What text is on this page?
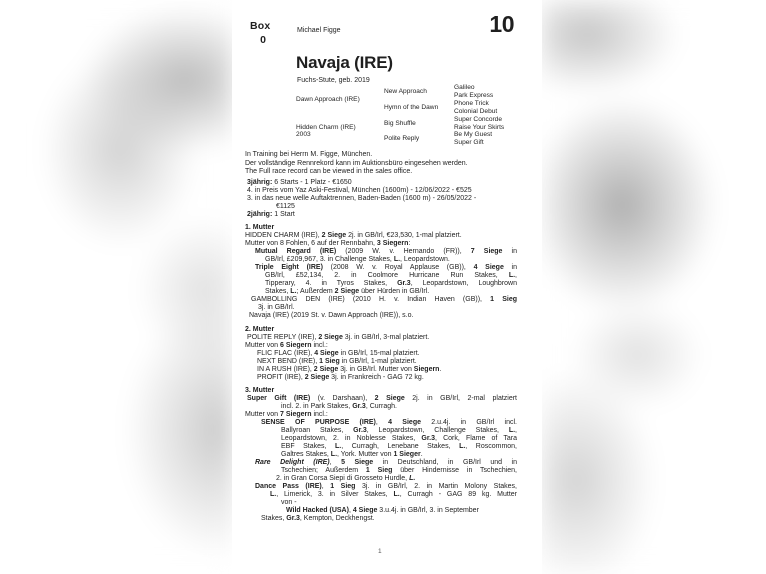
Box
0
Michael Figge	10
Navaja (IRE)
Fuchs-Stute, geb. 2019
Dawn Approach (IRE)
Hidden Charm (IRE)
2003
New Approach
Hymn of the Dawn
Big Shuffle
Polite Reply
Galileo
Park Express
Phone Trick
Colonial Debut
Super Concorde
Raise Your Skirts
Be My Guest
Super Gift
In Training bei Herrn M. Figge, München.
Der vollständige Rennrekord kann im Auktionsbüro eingesehen werden.
The Full race record can be viewed in the sales office.
3jährig: 6 Starts - 1 Platz - €1650
4. in Preis vom Yaz Aski-Festival, München (1600m) - 12/06/2022 - €525
3. in das neue welle Auftaktrennen, Baden-Baden (1600 m) - 26/05/2022 -
€1125
2jährig: 1 Start
1. Mutter
HIDDEN CHARM (IRE), 2 Siege 2j. in GB/Irl, €23,530, 1-mal platziert.
Mutter von 8 Fohlen, 6 auf der Rennbahn, 3 Siegern:
Mutual Regard (IRE) (2009 W. v. Hernando (FR)), 7 Siege in
GB/Irl, £209,967, 3. in Challenge Stakes, L., Leopardstown.
Triple Eight (IRE) (2008 W. v. Royal Applause (GB)), 4 Siege in
GB/Irl, £52,134, 2. in Coolmore Hurricane Run Stakes, L.,
Tipperary, 4. in Tyros Stakes, Gr.3, Leopardstown, Loughbrown
Stakes, L.; Außerdem 2 Siege über Hürden in GB/Irl.
GAMBOLLING DEN (IRE) (2010 H. v. Indian Haven (GB)), 1 Sieg
3j. in GB/Irl.
Navaja (IRE) (2019 St. v. Dawn Approach (IRE)), s.o.
2. Mutter
POLITE REPLY (IRE), 2 Siege 3j. in GB/Irl, 3-mal platziert.
Mutter von 6 Siegern incl.:
FLIC FLAC (IRE), 4 Siege in GB/Irl, 15-mal platziert.
NEXT BEND (IRE), 1 Sieg in GB/Irl, 1-mal platziert.
IN A RUSH (IRE), 2 Siege 3j. in GB/Irl. Mutter von Siegern.
PROFIT (IRE), 2 Siege 3j. in Frankreich - GAG 72 kg.
3. Mutter
Super Gift (IRE) (v. Darshaan), 2 Siege 2j. in GB/Irl, 2-mal platziert
incl. 2. in Park Stakes, Gr.3, Curragh.
Mutter von 7 Siegern incl.:
SENSE OF PURPOSE (IRE), 4 Siege 2.u.4j. in GB/Irl incl.
Ballyroan Stakes, Gr.3, Leopardstown, Challenge Stakes, L.,
Leopardstown, 2. in Noblesse Stakes, Gr.3, Cork, Flame of Tara
EBF Stakes, L., Curragh, Lenebane Stakes, L., Roscommon,
Galtres Stakes, L., York. Mutter von 1 Sieger.
Rare Delight (IRE), 5 Siege in Deutschland, in GB/Irl und in
Tschechien; Außerdem 1 Sieg über Hindernisse in Tschechien,
2. in Gran Corsa Siepi di Grosseto Hurdle, L.
Dance Pass (IRE), 1 Sieg 3j. in GB/Irl, 2. in Martin Molony Stakes,
L., Limerick, 3. in Silver Stakes, L., Curragh - GAG 89 kg. Mutter
von -
Wild Hacked (USA), 4 Siege 3.u.4j. in GB/Irl, 3. in September
Stakes, Gr.3, Kempton, Deckhengst.
1
